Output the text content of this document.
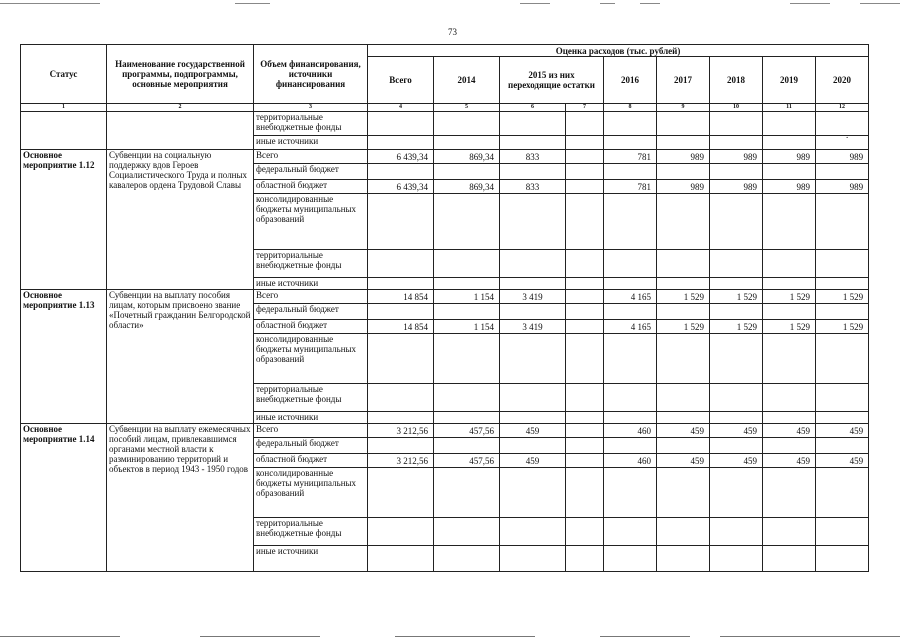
73
.
Статус	Наименование государственной программы, подпрограммы, основные мероприятия	Объем финансирования, источники финансирования	Оценка расходов (тыс. рублей)								
			Всего	2014	2015 из них переходящие остатки		2016	2017	2018	2019	2020
1	2	3	4	5	6	7	8	9	10	11	12
		территориальные внебюджетные фонды									
		иные источники									
Основное мероприятие 1.12	Субвенции на социальную поддержку вдов Героев Социалистического Труда и полных кавалеров ордена Трудовой Славы	Всего	6 439,34	869,34	833		781	989	989	989	989
		федеральный бюджет									
		областной бюджет	6 439,34	869,34	833		781	989	989	989	989
		консолидированные бюджеты муниципальных образований									
		территориальные внебюджетные фонды									
		иные источники									
Основное мероприятие 1.13	Субвенции на выплату пособия лицам, которым присвоено звание «Почетный гражданин Белгородской области»	Всего	14 854	1 154	3 419		4 165	1 529	1 529	1 529	1 529
		федеральный бюджет									
		областной бюджет	14 854	1 154	3 419		4 165	1 529	1 529	1 529	1 529
		консолидированные бюджеты муниципальных образований									
		территориальные внебюджетные фонды									
		иные источники									
Основное мероприятие 1.14	Субвенции на выплату ежемесячных пособий лицам, привлекавшимся органами местной власти к разминированию территорий и объектов в период 1943 - 1950 годов	Всего	3 212,56	457,56	459		460	459	459	459	459
		федеральный бюджет									
		областной бюджет	3 212,56	457,56	459		460	459	459	459	459
		консолидированные бюджеты муниципальных образований									
		территориальные внебюджетные фонды									
		иные источники									
